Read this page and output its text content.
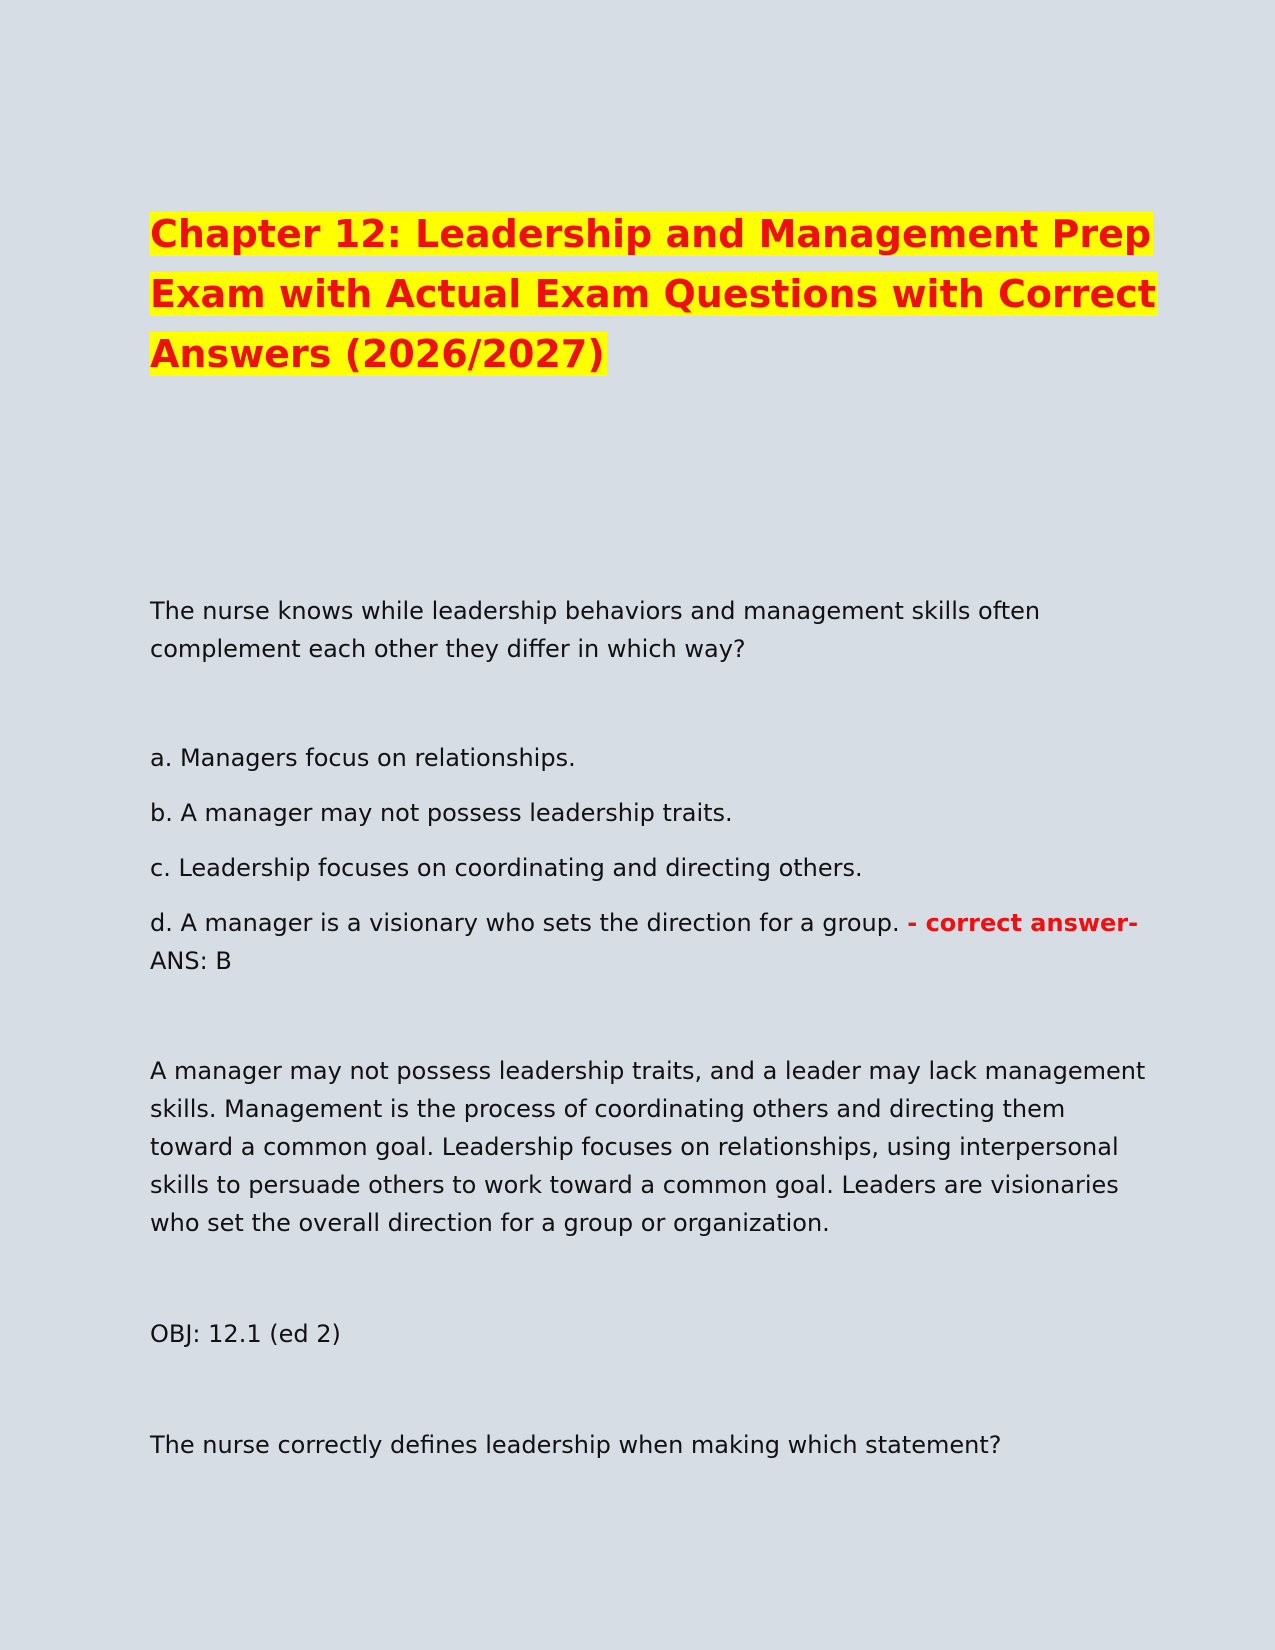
Chapter 12: Leadership and Management Prep
Exam with Actual Exam Questions with Correct
Answers (2026/2027)

The nurse knows while leadership behaviors and management skills often

complement each other they differ in which way?

a. Managers focus on relationships.

b. A manager may not possess leadership traits.

c. Leadership focuses on coordinating and directing others.

d. A manager is a visionary who sets the direction for a group. - correct answer-

ANS: B

A manager may not possess leadership traits, and a leader may lack management

skills. Management is the process of coordinating others and directing them

toward a common goal. Leadership focuses on relationships, using interpersonal

skills to persuade others to work toward a common goal. Leaders are visionaries

who set the overall direction for a group or organization.

OBJ: 12.1 (ed 2)

The nurse correctly defines leadership when making which statement?
